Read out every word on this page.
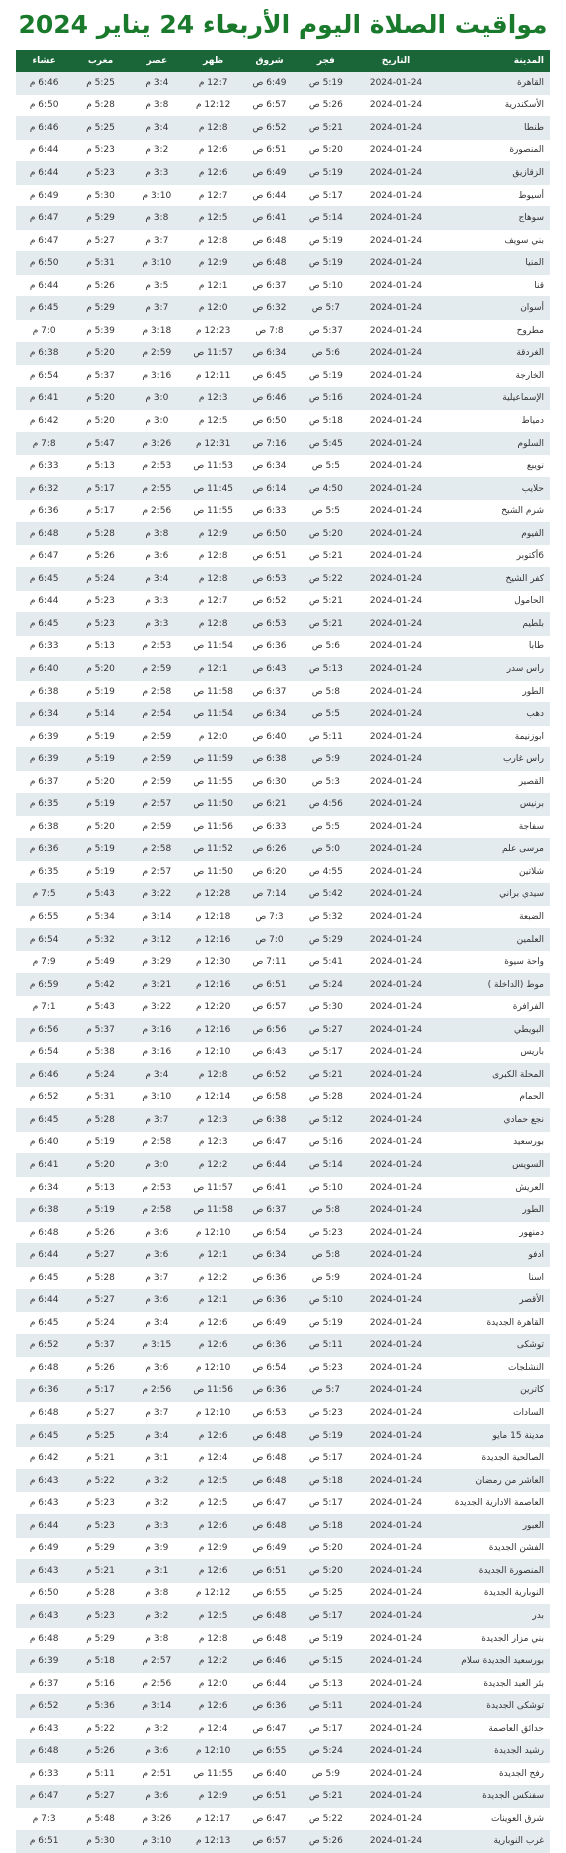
مواقيت الصلاة اليوم الأربعاء 24 يناير 2024
المدينة	التاريخ	فجر	شروق	ظهر	عصر	مغرب	عشاء
القاهرة	2024-01-24	5:19 ص	6:49 ص	12:7 م	3:4 م	5:25 م	6:46 م
الأسكندرية	2024-01-24	5:26 ص	6:57 ص	12:12 م	3:8 م	5:28 م	6:50 م
طنطا	2024-01-24	5:21 ص	6:52 ص	12:8 م	3:4 م	5:25 م	6:46 م
المنصورة	2024-01-24	5:20 ص	6:51 ص	12:6 م	3:2 م	5:23 م	6:44 م
الزقازيق	2024-01-24	5:19 ص	6:49 ص	12:6 م	3:3 م	5:23 م	6:44 م
أسيوط	2024-01-24	5:17 ص	6:44 ص	12:7 م	3:10 م	5:30 م	6:49 م
سوهاج	2024-01-24	5:14 ص	6:41 ص	12:5 م	3:8 م	5:29 م	6:47 م
بني سويف	2024-01-24	5:19 ص	6:48 ص	12:8 م	3:7 م	5:27 م	6:47 م
المنيا	2024-01-24	5:19 ص	6:48 ص	12:9 م	3:10 م	5:31 م	6:50 م
قنا	2024-01-24	5:10 ص	6:37 ص	12:1 م	3:5 م	5:26 م	6:44 م
أسوان	2024-01-24	5:7 ص	6:32 ص	12:0 م	3:7 م	5:29 م	6:45 م
مطروح	2024-01-24	5:37 ص	7:8 ص	12:23 م	3:18 م	5:39 م	7:0 م
الغردقة	2024-01-24	5:6 ص	6:34 ص	11:57 ص	2:59 م	5:20 م	6:38 م
الخارجة	2024-01-24	5:19 ص	6:45 ص	12:11 م	3:16 م	5:37 م	6:54 م
الإسماعيلية	2024-01-24	5:16 ص	6:46 ص	12:3 م	3:0 م	5:20 م	6:41 م
دمياط	2024-01-24	5:18 ص	6:50 ص	12:5 م	3:0 م	5:20 م	6:42 م
السلوم	2024-01-24	5:45 ص	7:16 ص	12:31 م	3:26 م	5:47 م	7:8 م
نويبع	2024-01-24	5:5 ص	6:34 ص	11:53 ص	2:53 م	5:13 م	6:33 م
حلايب	2024-01-24	4:50 ص	6:14 ص	11:45 ص	2:55 م	5:17 م	6:32 م
شرم الشيخ	2024-01-24	5:5 ص	6:33 ص	11:55 ص	2:56 م	5:17 م	6:36 م
الفيوم	2024-01-24	5:20 ص	6:50 ص	12:9 م	3:8 م	5:28 م	6:48 م
6أكتوبر	2024-01-24	5:21 ص	6:51 ص	12:8 م	3:6 م	5:26 م	6:47 م
كفر الشيخ	2024-01-24	5:22 ص	6:53 ص	12:8 م	3:4 م	5:24 م	6:45 م
الحامول	2024-01-24	5:21 ص	6:52 ص	12:7 م	3:3 م	5:23 م	6:44 م
بلطيم	2024-01-24	5:21 ص	6:53 ص	12:8 م	3:3 م	5:23 م	6:45 م
طابا	2024-01-24	5:6 ص	6:36 ص	11:54 ص	2:53 م	5:13 م	6:33 م
راس سدر	2024-01-24	5:13 ص	6:43 ص	12:1 م	2:59 م	5:20 م	6:40 م
الطور	2024-01-24	5:8 ص	6:37 ص	11:58 ص	2:58 م	5:19 م	6:38 م
دهب	2024-01-24	5:5 ص	6:34 ص	11:54 ص	2:54 م	5:14 م	6:34 م
ابوزنيمة	2024-01-24	5:11 ص	6:40 ص	12:0 م	2:59 م	5:19 م	6:39 م
راس غارب	2024-01-24	5:9 ص	6:38 ص	11:59 ص	2:59 م	5:19 م	6:39 م
القصير	2024-01-24	5:3 ص	6:30 ص	11:55 ص	2:59 م	5:20 م	6:37 م
برنيس	2024-01-24	4:56 ص	6:21 ص	11:50 ص	2:57 م	5:19 م	6:35 م
سفاجة	2024-01-24	5:5 ص	6:33 ص	11:56 ص	2:59 م	5:20 م	6:38 م
مرسى علم	2024-01-24	5:0 ص	6:26 ص	11:52 ص	2:58 م	5:19 م	6:36 م
شلاتين	2024-01-24	4:55 ص	6:20 ص	11:50 ص	2:57 م	5:19 م	6:35 م
سيدي براني	2024-01-24	5:42 ص	7:14 ص	12:28 م	3:22 م	5:43 م	7:5 م
الضبعة	2024-01-24	5:32 ص	7:3 ص	12:18 م	3:14 م	5:34 م	6:55 م
العلمين	2024-01-24	5:29 ص	7:0 ص	12:16 م	3:12 م	5:32 م	6:54 م
واحة سيوة	2024-01-24	5:41 ص	7:11 ص	12:30 م	3:29 م	5:49 م	7:9 م
موط (الداخلة )	2024-01-24	5:24 ص	6:51 ص	12:16 م	3:21 م	5:42 م	6:59 م
الفرافرة	2024-01-24	5:30 ص	6:57 ص	12:20 م	3:22 م	5:43 م	7:1 م
البويطي	2024-01-24	5:27 ص	6:56 ص	12:16 م	3:16 م	5:37 م	6:56 م
باريس	2024-01-24	5:17 ص	6:43 ص	12:10 م	3:16 م	5:38 م	6:54 م
المحلة الكبرى	2024-01-24	5:21 ص	6:52 ص	12:8 م	3:4 م	5:24 م	6:46 م
الحمام	2024-01-24	5:28 ص	6:58 ص	12:14 م	3:10 م	5:31 م	6:52 م
نجع حمادي	2024-01-24	5:12 ص	6:38 ص	12:3 م	3:7 م	5:28 م	6:45 م
بورسعيد	2024-01-24	5:16 ص	6:47 ص	12:3 م	2:58 م	5:19 م	6:40 م
السويس	2024-01-24	5:14 ص	6:44 ص	12:2 م	3:0 م	5:20 م	6:41 م
العريش	2024-01-24	5:10 ص	6:41 ص	11:57 ص	2:53 م	5:13 م	6:34 م
الطور	2024-01-24	5:8 ص	6:37 ص	11:58 ص	2:58 م	5:19 م	6:38 م
دمنهور	2024-01-24	5:23 ص	6:54 ص	12:10 م	3:6 م	5:26 م	6:48 م
ادفو	2024-01-24	5:8 ص	6:34 ص	12:1 م	3:6 م	5:27 م	6:44 م
اسنا	2024-01-24	5:9 ص	6:36 ص	12:2 م	3:7 م	5:28 م	6:45 م
الأقصر	2024-01-24	5:10 ص	6:36 ص	12:1 م	3:6 م	5:27 م	6:44 م
القاهرة الجديدة	2024-01-24	5:19 ص	6:49 ص	12:6 م	3:4 م	5:24 م	6:45 م
توشكى	2024-01-24	5:11 ص	6:36 ص	12:6 م	3:15 م	5:37 م	6:52 م
النشلجات	2024-01-24	5:23 ص	6:54 ص	12:10 م	3:6 م	5:26 م	6:48 م
كاترين	2024-01-24	5:7 ص	6:36 ص	11:56 ص	2:56 م	5:17 م	6:36 م
السادات	2024-01-24	5:23 ص	6:53 ص	12:10 م	3:7 م	5:27 م	6:48 م
مدينة 15 مايو	2024-01-24	5:19 ص	6:48 ص	12:6 م	3:4 م	5:25 م	6:45 م
الصالحية الجديدة	2024-01-24	5:17 ص	6:48 ص	12:4 م	3:1 م	5:21 م	6:42 م
العاشر من رمضان	2024-01-24	5:18 ص	6:48 ص	12:5 م	3:2 م	5:22 م	6:43 م
العاصمة الادارية الجديدة	2024-01-24	5:17 ص	6:47 ص	12:5 م	3:2 م	5:23 م	6:43 م
العبور	2024-01-24	5:18 ص	6:48 ص	12:6 م	3:3 م	5:23 م	6:44 م
الفشن الجديدة	2024-01-24	5:20 ص	6:49 ص	12:9 م	3:9 م	5:29 م	6:49 م
المنصورة الجديدة	2024-01-24	5:20 ص	6:51 ص	12:6 م	3:1 م	5:21 م	6:43 م
النوبارية الجديدة	2024-01-24	5:25 ص	6:55 ص	12:12 م	3:8 م	5:28 م	6:50 م
بدر	2024-01-24	5:17 ص	6:48 ص	12:5 م	3:2 م	5:23 م	6:43 م
بني مزار الجديدة	2024-01-24	5:19 ص	6:48 ص	12:8 م	3:8 م	5:29 م	6:48 م
بورسعيد الجديدة سلام	2024-01-24	5:15 ص	6:46 ص	12:2 م	2:57 م	5:18 م	6:39 م
بئر العبد الجديدة	2024-01-24	5:13 ص	6:44 ص	12:0 م	2:56 م	5:16 م	6:37 م
توشكى الجديدة	2024-01-24	5:11 ص	6:36 ص	12:6 م	3:14 م	5:36 م	6:52 م
حدائق العاصمة	2024-01-24	5:17 ص	6:47 ص	12:4 م	3:2 م	5:22 م	6:43 م
رشيد الجديدة	2024-01-24	5:24 ص	6:55 ص	12:10 م	3:6 م	5:26 م	6:48 م
رفح الجديدة	2024-01-24	5:9 ص	6:40 ص	11:55 ص	2:51 م	5:11 م	6:33 م
سفنكس الجديدة	2024-01-24	5:21 ص	6:51 ص	12:9 م	3:6 م	5:27 م	6:47 م
شرق العوينات	2024-01-24	5:22 ص	6:47 ص	12:17 م	3:26 م	5:48 م	7:3 م
غرب النوبارية	2024-01-24	5:26 ص	6:57 ص	12:13 م	3:10 م	5:30 م	6:51 م
